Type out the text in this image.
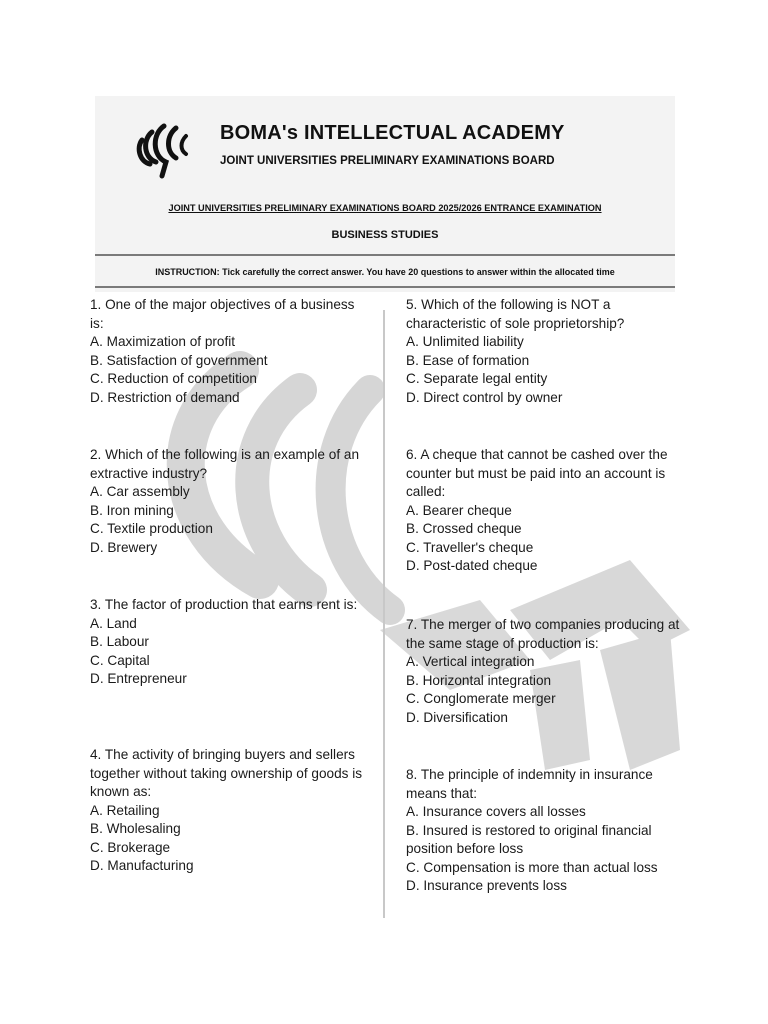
BOMA's INTELLECTUAL ACADEMY
JOINT UNIVERSITIES PRELIMINARY EXAMINATIONS BOARD
JOINT UNIVERSITIES PRELIMINARY EXAMINATIONS BOARD 2025/2026 ENTRANCE EXAMINATION
BUSINESS STUDIES
INSTRUCTION: Tick carefully the correct answer. You have 20 questions to answer within the allocated time

1. One of the major objectives of a business is:

A. Maximization of profit

B. Satisfaction of government

C. Reduction of competition

D. Restriction of demand

2. Which of the following is an example of an extractive industry?

A. Car assembly

B. Iron mining

C. Textile production

D. Brewery

3. The factor of production that earns rent is:

A. Land

B. Labour

C. Capital

D. Entrepreneur

4. The activity of bringing buyers and sellers together without taking ownership of goods is known as:

A. Retailing

B. Wholesaling

C. Brokerage

D. Manufacturing

5. Which of the following is NOT a characteristic of sole proprietorship?

A. Unlimited liability

B. Ease of formation

C. Separate legal entity

D. Direct control by owner

6. A cheque that cannot be cashed over the counter but must be paid into an account is called:

A. Bearer cheque

B. Crossed cheque

C. Traveller's cheque

D. Post-dated cheque

7. The merger of two companies producing at the same stage of production is:

A. Vertical integration

B. Horizontal integration

C. Conglomerate merger

D. Diversification

8. The principle of indemnity in insurance means that:

A. Insurance covers all losses

B. Insured is restored to original financial position before loss

C. Compensation is more than actual loss

D. Insurance prevents loss
